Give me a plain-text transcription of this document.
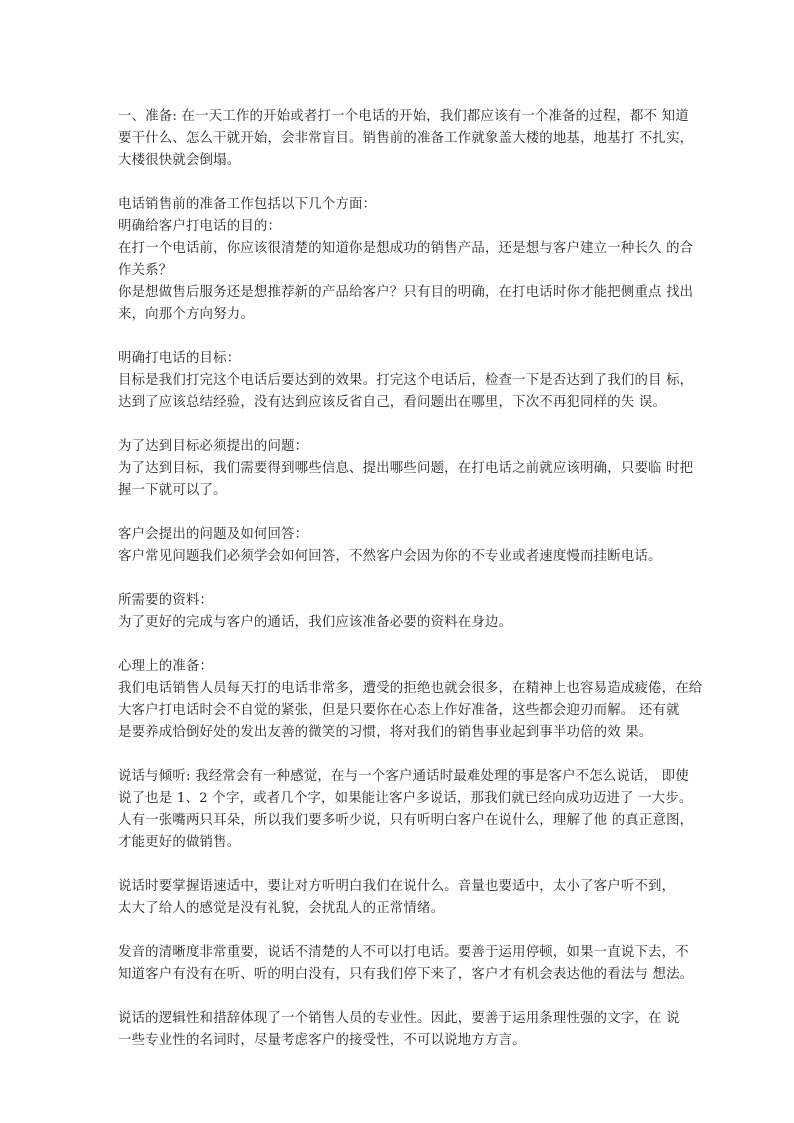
一、准备: 在一天工作的开始或者打一个电话的开始，我们都应该有一个准备的过程，都不 知道
要干什么、怎么干就开始，会非常盲目。销售前的准备工作就象盖大楼的地基，地基打 不扎实，
大楼很快就会倒塌。
电话销售前的准备工作包括以下几个方面：
明确给客户打电话的目的：
在打一个电话前，你应该很清楚的知道你是想成功的销售产品，还是想与客户建立一种长久 的合
作关系？
你是想做售后服务还是想推荐新的产品给客户？只有目的明确，在打电话时你才能把侧重点 找出
来，向那个方向努力。
明确打电话的目标：
目标是我们打完这个电话后要达到的效果。打完这个电话后，检查一下是否达到了我们的目 标，
达到了应该总结经验，没有达到应该反省自己，看问题出在哪里，下次不再犯同样的失 误。
为了达到目标必须提出的问题：
为了达到目标，我们需要得到哪些信息、提出哪些问题，在打电话之前就应该明确，只要临 时把
握一下就可以了。
客户会提出的问题及如何回答：
客户常见问题我们必须学会如何回答，不然客户会因为你的不专业或者速度慢而挂断电话。
所需要的资料：
为了更好的完成与客户的通话，我们应该准备必要的资料在身边。
心理上的准备：
我们电话销售人员每天打的电话非常多，遭受的拒绝也就会很多，在精神上也容易造成疲倦，在给
大客户打电话时会不自觉的紧张，但是只要你在心态上作好准备，这些都会迎刃而解。 还有就
是要养成恰倒好处的发出友善的微笑的习惯，将对我们的销售事业起到事半功倍的效 果。
说话与倾听: 我经常会有一种感觉，在与一个客户通话时最难处理的事是客户不怎么说话， 即使
说了也是 1、2 个字，或者几个字，如果能让客户多说话，那我们就已经向成功迈进了 一大步。
人有一张嘴两只耳朵，所以我们要多听少说，只有听明白客户在说什么，理解了他 的真正意图，
才能更好的做销售。
说话时要掌握语速适中，要让对方听明白我们在说什么。音量也要适中，太小了客户听不到，
太大了给人的感觉是没有礼貌，会扰乱人的正常情绪。
发音的清晰度非常重要，说话不清楚的人不可以打电话。要善于运用停顿，如果一直说下去，不
知道客户有没有在听、听的明白没有，只有我们停下来了，客户才有机会表达他的看法与 想法。
说话的逻辑性和措辞体现了一个销售人员的专业性。因此，要善于运用条理性强的文字，在 说
一些专业性的名词时，尽量考虑客户的接受性，不可以说地方方言。
